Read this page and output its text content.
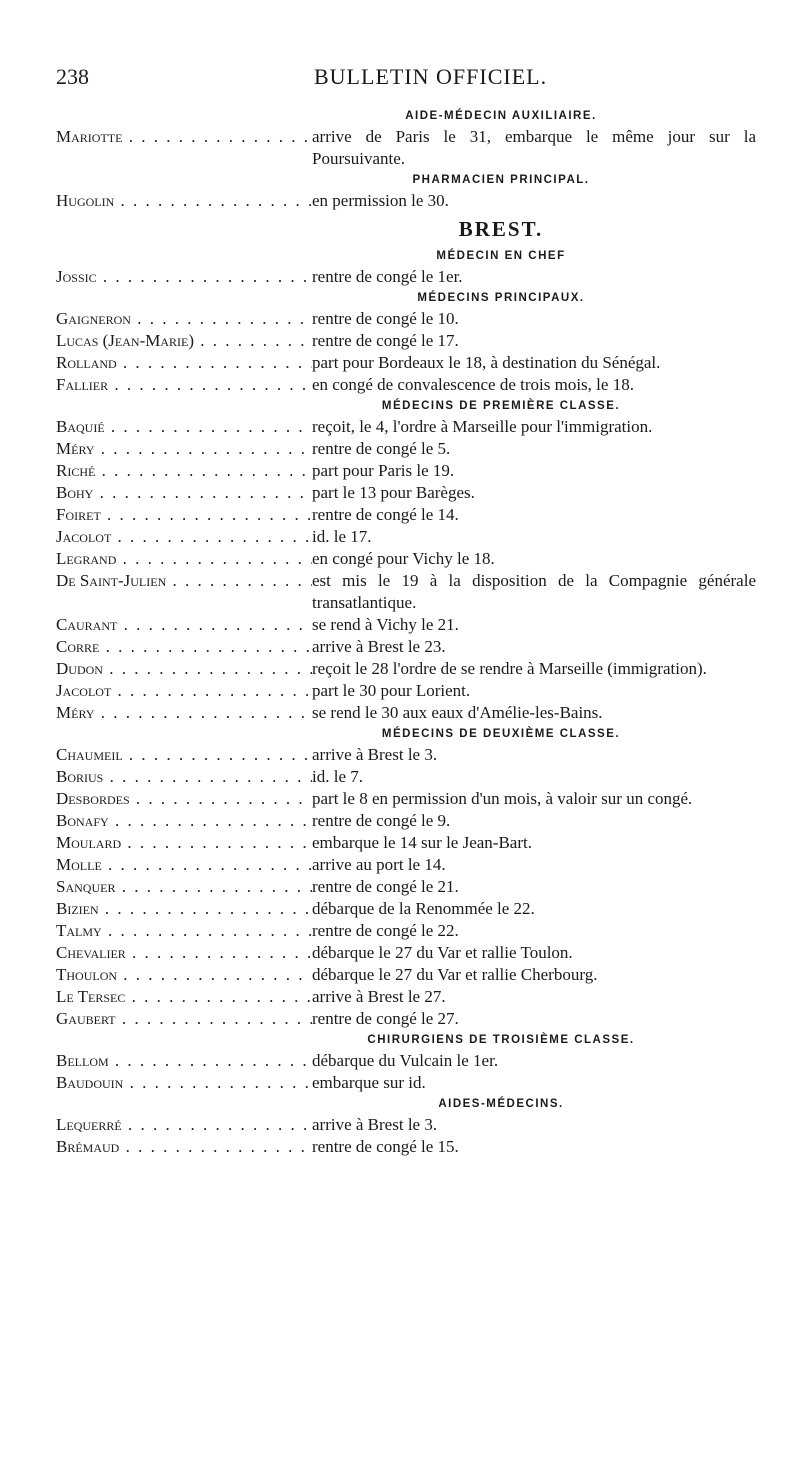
238	BULLETIN OFFICIEL.
AIDE-MÉDECIN AUXILIAIRE.
Mariotte . . .	arrive de Paris le 31, embarque le même jour sur la Poursuivante.
PHARMACIEN PRINCIPAL.
Hugolin . . .	en permission le 30.
BREST.
MÉDECIN EN CHEF
Jossic . . .	rentre de congé le 1er.
MÉDECINS PRINCIPAUX.
Gaigneron . . .	rentre de congé le 10.
Lucas (Jean-Marie) . . .	rentre de congé le 17.
Rolland . . .	part pour Bordeaux le 18, à destination du Sénégal.
Fallier . . .	en congé de convalescence de trois mois, le 18.
MÉDECINS DE PREMIÈRE CLASSE.
Baquié . . .	reçoit, le 4, l'ordre à Marseille pour l'immigration.
Méry . . .	rentre de congé le 5.
Riché . . .	part pour Paris le 19.
Bohy . . .	part le 13 pour Barèges.
Foiret . . .	rentre de congé le 14.
Jacolot . . .	id. le 17.
Legrand . . .	en congé pour Vichy le 18.
De Saint-Julien . . .	est mis le 19 à la disposition de la Compagnie générale transatlantique.
Caurant . . .	se rend à Vichy le 21.
Corre . . .	arrive à Brest le 23.
Dudon . . .	reçoit le 28 l'ordre de se rendre à Marseille (immigration).
Jacolot . . .	part le 30 pour Lorient.
Méry . . .	se rend le 30 aux eaux d'Amélie-les-Bains.
MÉDECINS DE DEUXIÈME CLASSE.
Chaumeil . . .	arrive à Brest le 3.
Borius . . .	id. le 7.
Desbordes . . .	part le 8 en permission d'un mois, à valoir sur un congé.
Bonafy . . .	rentre de congé le 9.
Moulard . . .	embarque le 14 sur le Jean-Bart.
Molle . . .	arrive au port le 14.
Sanquer . . .	rentre de congé le 21.
Bizien . . .	débarque de la Renommée le 22.
Talmy . . .	rentre de congé le 22.
Chevalier . . .	débarque le 27 du Var et rallie Toulon.
Thoulon . . .	débarque le 27 du Var et rallie Cherbourg.
Le Tersec . . .	arrive à Brest le 27.
Gaubert . . .	rentre de congé le 27.
CHIRURGIENS DE TROISIÈME CLASSE.
Bellom . . .	débarque du Vulcain le 1er.
Baudouin . . .	embarque sur id.
AIDES-MÉDECINS.
Lequerré . . .	arrive à Brest le 3.
Brémaud . . .	rentre de congé le 15.
